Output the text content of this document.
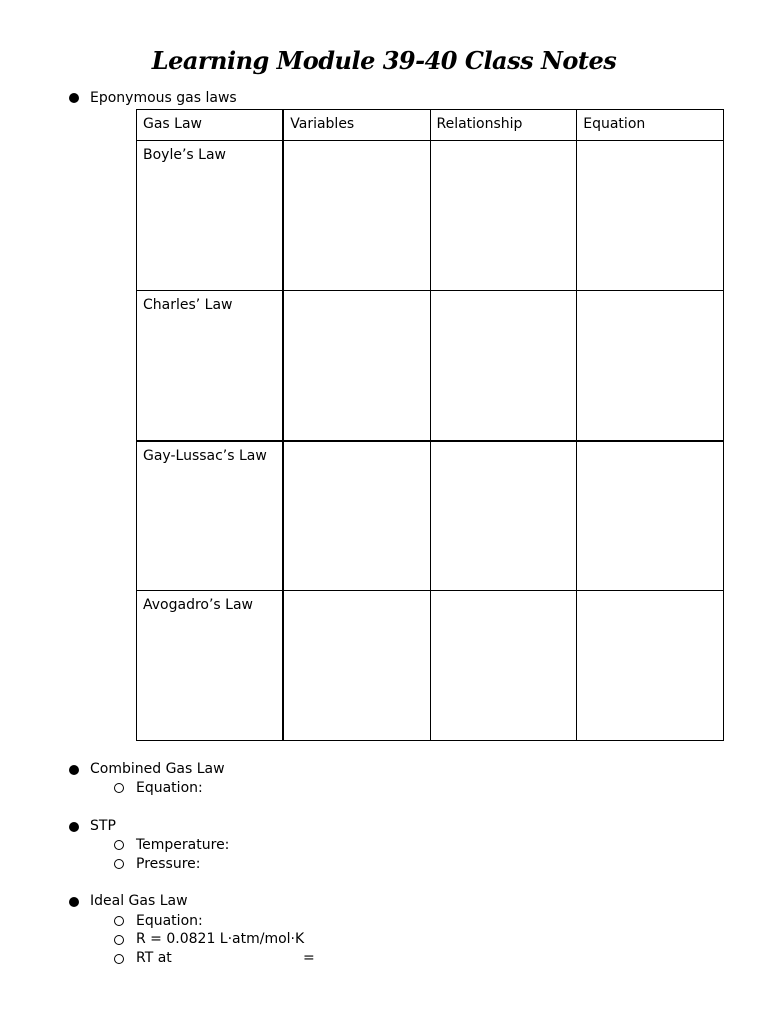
Learning Module 39-40 Class Notes
Eponymous gas laws
Gas Law	Variables	Relationship	Equation
Boyle’s Law			
Charles’ Law			
Gay-Lussac’s Law			
Avogadro’s Law			
Combined Gas Law
Equation:
STP
Temperature:
Pressure:
Ideal Gas Law
Equation:
R = 0.0821 L·atm/mol·K
RT at	=
